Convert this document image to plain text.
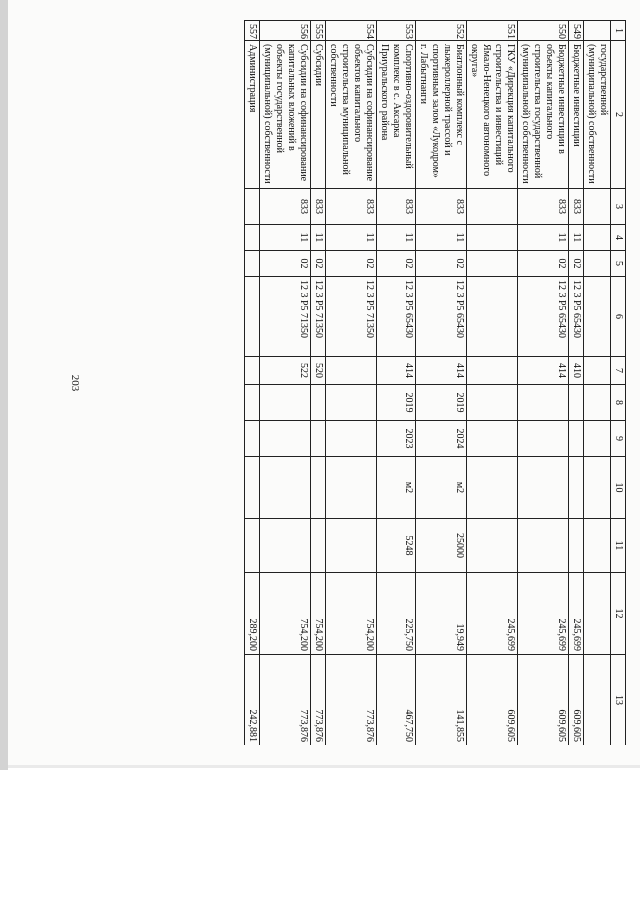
203
1	2	3	4	5	6	7	8	9	10	11	12	13
	государственной (муниципальной) собственности											
549	Бюджетные инвестиции	833	11	02	12 3 P5 65430	410					245,699	609,605
550	Бюджетные инвестиции в объекты капитального строительства государственной (муниципальной) собственности	833	11	02	12 3 P5 65430	414					245,699	609,605
551	ГКУ «Дирекция капитального строительства и инвестиций Ямало-Ненецкого автономного округа»										245,699	609,605
552	Биатлонный комплекс с лыжероллерной трассой и спортивным залом «Лукодром» г. Лабытнанги	833	11	02	12 3 P5 65430	414	2019	2024	м2	25000	19,949	141,855
553	Спортивно-оздоровительный комплекс в с. Аксарка Приуральского района	833	11	02	12 3 P5 65430	414	2019	2023	м2	5248	225,750	467,750
554	Субсидии на софинансирование объектов капитального строительства муниципальной собственности	833	11	02	12 3 P5 71350						754,200	773,876
555	Субсидии	833	11	02	12 3 P5 71350	520					754,200	773,876
556	Субсидии на софинансирование капитальных вложений в объекты государственной (муниципальной) собственности	833	11	02	12 3 P5 71350	522					754,200	773,876
557	Администрация										289,200	242,881
